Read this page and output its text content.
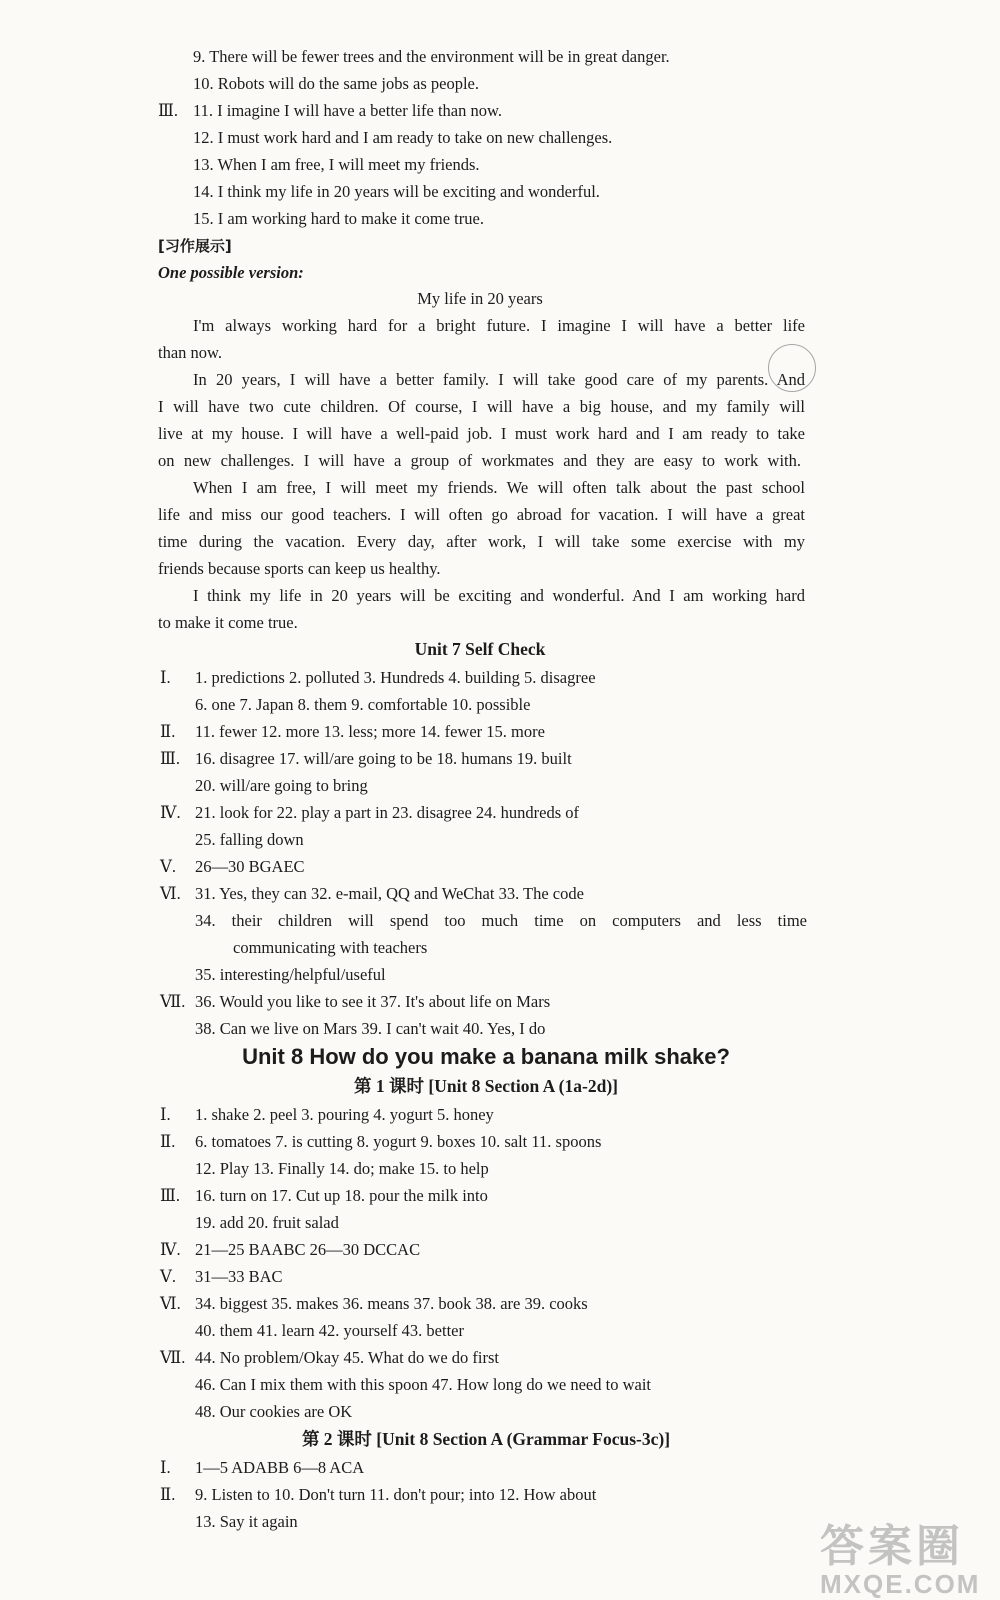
9. There will be fewer trees and the environment will be in great danger.
10. Robots will do the same jobs as people.
Ⅲ. 11. I imagine I will have a better life than now.
12. I must work hard and I am ready to take on new challenges.
13. When I am free, I will meet my friends.
14. I think my life in 20 years will be exciting and wonderful.
15. I am working hard to make it come true.
[习作展示]
One possible version:
My life in 20 years
I'm always working hard for a bright future. I imagine I will have a better life
than now.
In 20 years, I will have a better family. I will take good care of my parents. And
I will have two cute children. Of course, I will have a big house, and my family will
live at my house. I will have a well-paid job. I must work hard and I am ready to take
on new challenges. I will have a group of workmates and they are easy to work with.
When I am free, I will meet my friends. We will often talk about the past school
life and miss our good teachers. I will often go abroad for vacation. I will have a great
time during the vacation. Every day, after work, I will take some exercise with my
friends because sports can keep us healthy.
I think my life in 20 years will be exciting and wonderful. And I am working hard
to make it come true.
Unit 7 Self Check
Ⅰ. 1. predictions 2. polluted 3. Hundreds 4. building 5. disagree
6. one 7. Japan 8. them 9. comfortable 10. possible
Ⅱ. 11. fewer 12. more 13. less; more 14. fewer 15. more
Ⅲ. 16. disagree 17. will/are going to be 18. humans 19. built
20. will/are going to bring
Ⅳ. 21. look for 22. play a part in 23. disagree 24. hundreds of
25. falling down
Ⅴ. 26—30 BGAEC
Ⅵ. 31. Yes, they can 32. e-mail, QQ and WeChat 33. The code
34. their children will spend too much time on computers and less time
communicating with teachers
35. interesting/helpful/useful
Ⅶ. 36. Would you like to see it 37. It's about life on Mars
38. Can we live on Mars 39. I can't wait 40. Yes, I do
Unit 8 How do you make a banana milk shake?
第 1 课时 [Unit 8 Section A (1a-2d)]
Ⅰ. 1. shake 2. peel 3. pouring 4. yogurt 5. honey
Ⅱ. 6. tomatoes 7. is cutting 8. yogurt 9. boxes 10. salt 11. spoons
12. Play 13. Finally 14. do; make 15. to help
Ⅲ. 16. turn on 17. Cut up 18. pour the milk into
19. add 20. fruit salad
Ⅳ. 21—25 BAABC 26—30 DCCAC
Ⅴ. 31—33 BAC
Ⅵ. 34. biggest 35. makes 36. means 37. book 38. are 39. cooks
40. them 41. learn 42. yourself 43. better
Ⅶ. 44. No problem/Okay 45. What do we do first
46. Can I mix them with this spoon 47. How long do we need to wait
48. Our cookies are OK
第 2 课时 [Unit 8 Section A (Grammar Focus-3c)]
Ⅰ. 1—5 ADABB 6—8 ACA
Ⅱ. 9. Listen to 10. Don't turn 11. don't pour; into 12. How about
13. Say it again
答案圈
MXQE.COM
